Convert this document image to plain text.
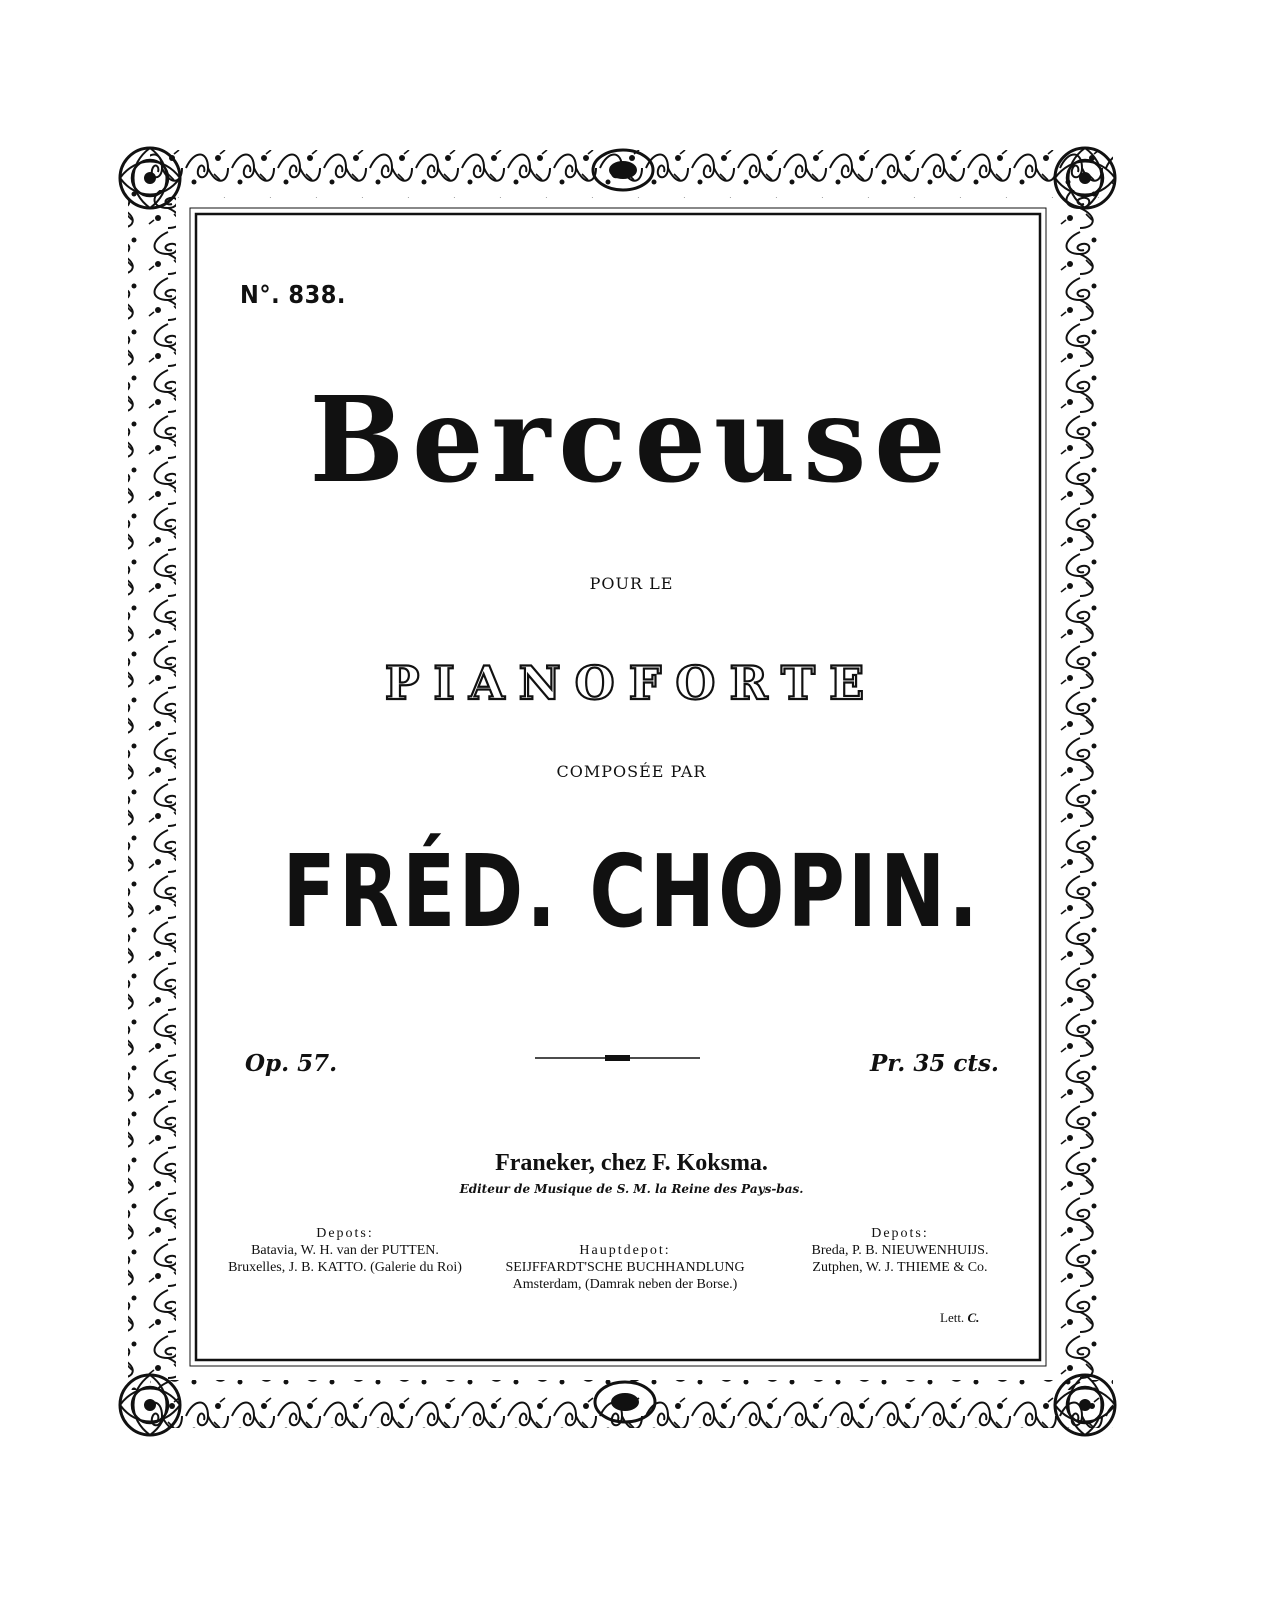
N°. 838.
Berceuse
POUR LE
PIANOFORTE
COMPOSÉE PAR
FRÉD. CHOPIN.
Op. 57.	Pr. 35 cts.
Franeker, chez F. Koksma.
Editeur de Musique de S. M. la Reine des Pays-bas.
Depots:
Batavia, W. H. van der PUTTEN.
Bruxelles, J. B. KATTO. (Galerie du Roi)
Hauptdepot:
SEIJFFARDT'SCHE BUCHHANDLUNG
Amsterdam, (Damrak neben der Borse.)
Depots:
Breda, P. B. NIEUWENHUIJS.
Zutphen, W. J. THIEME & Co.
Lett. C.
